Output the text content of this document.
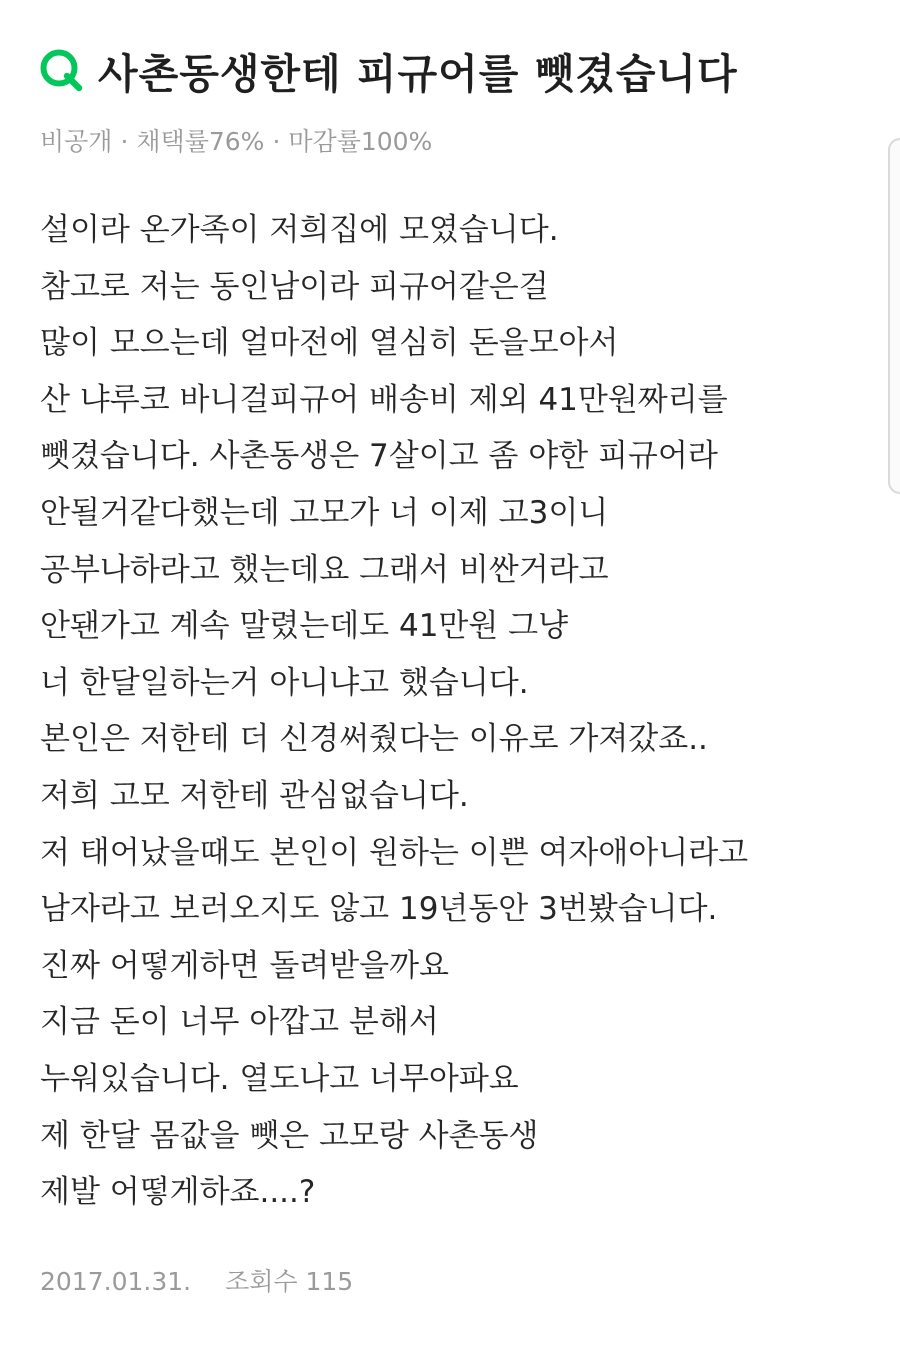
사촌동생한테 피규어를 뺏겼습니다
비공개 · 채택률76% · 마감률100%
설이라 온가족이 저희집에 모였습니다.
참고로 저는 동인남이라 피규어같은걸
많이 모으는데 얼마전에 열심히 돈을모아서
산 냐루코 바니걸피규어 배송비 제외 41만원짜리를
뺏겼습니다. 사촌동생은 7살이고 좀 야한 피규어라
안될거같다했는데 고모가 너 이제 고3이니
공부나하라고 했는데요 그래서 비싼거라고
안됀가고 계속 말렸는데도 41만원 그냥
너 한달일하는거 아니냐고 했습니다.
본인은 저한테 더 신경써줬다는 이유로 가져갔죠..
저희 고모 저한테 관심없습니다.
저 태어났을때도 본인이 원하는 이쁜 여자애아니라고
남자라고 보러오지도 않고 19년동안 3번봤습니다.
진짜 어떻게하면 돌려받을까요
지금 돈이 너무 아깝고 분해서
누워있습니다. 열도나고 너무아파요
제 한달 몸값을 뺏은 고모랑 사촌동생
제발 어떻게하죠....?
2017.01.31. 조회수 115
